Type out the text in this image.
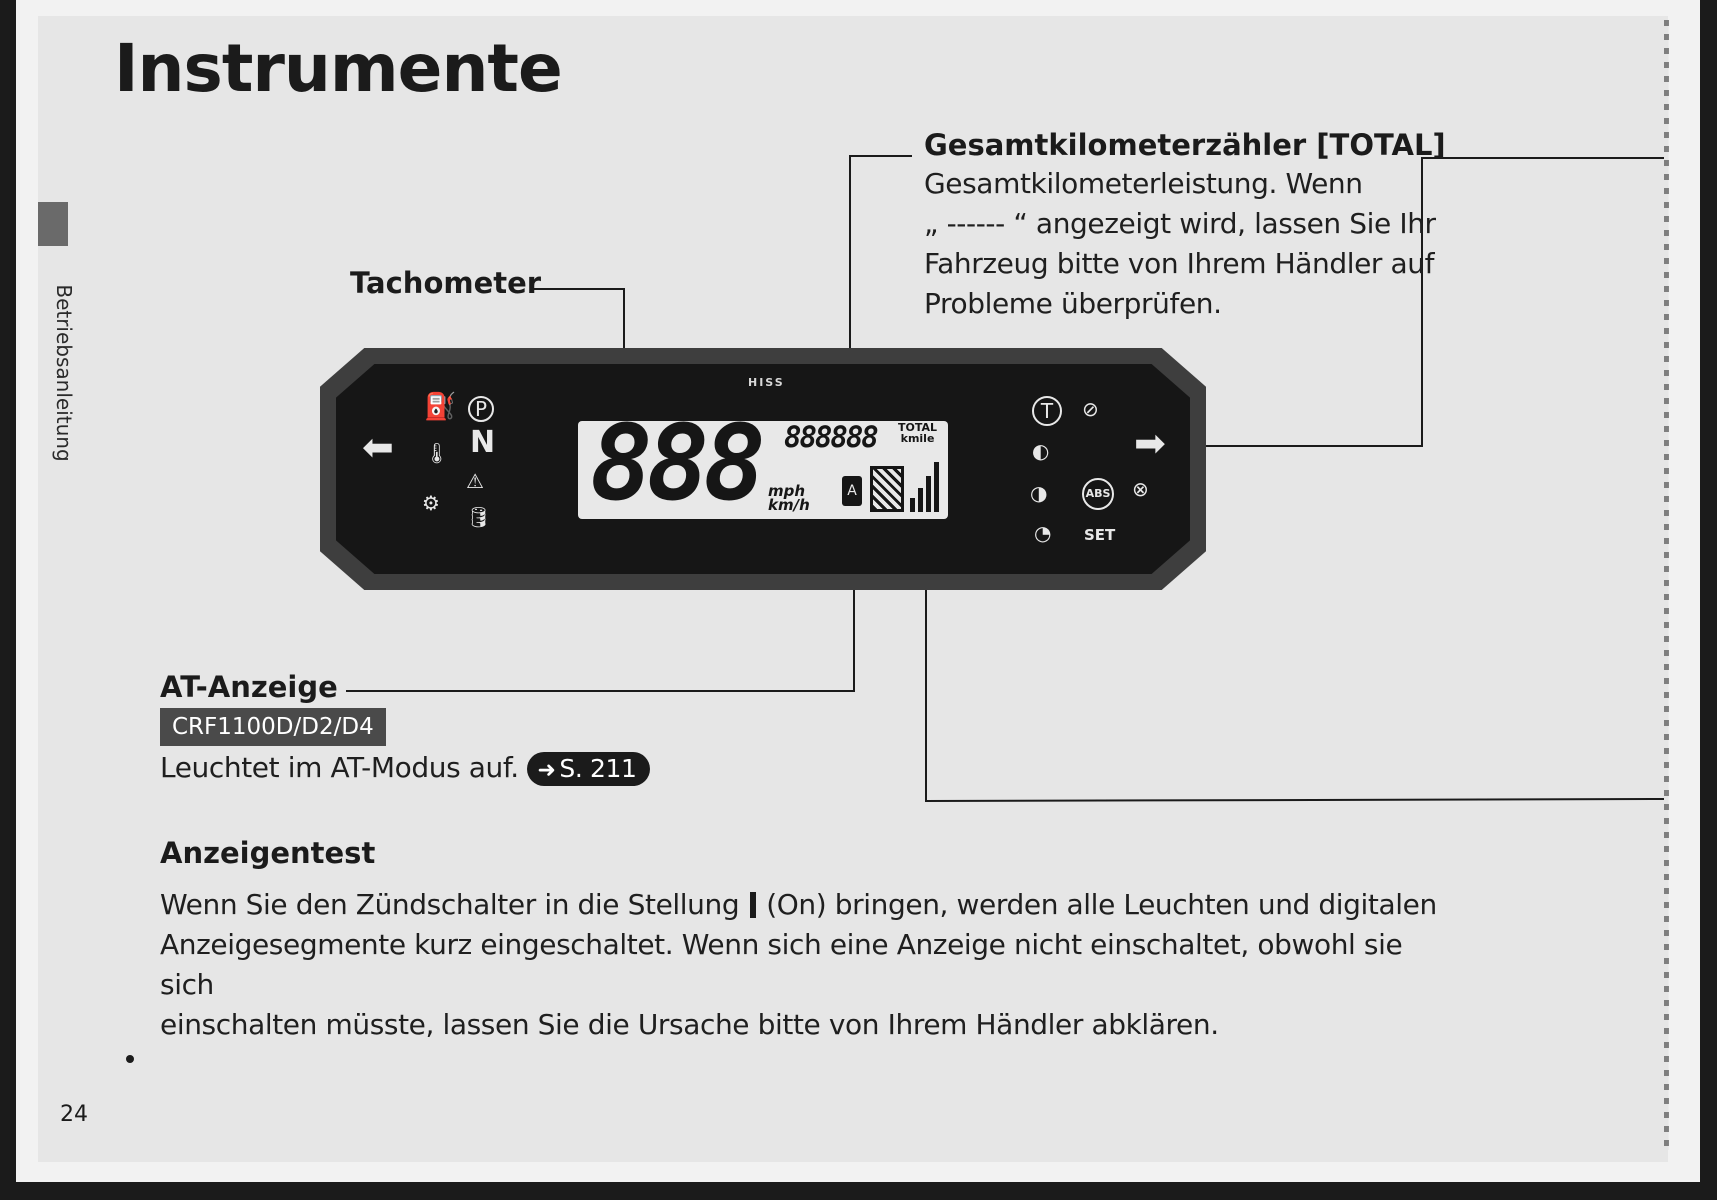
Instrumente
Betriebsanleitung
Tachometer
Gesamtkilometerzähler [TOTAL]
Gesamtkilometerleistung. Wenn
„ ------ “ angezeigt wird, lassen Sie Ihr
Fahrzeug bitte von Ihrem Händler auf
Probleme überprüfen.
AT-Anzeige
CRF1100D/D2/D4
Leuchtet im AT-Modus auf. ➜ S. 211
Anzeigentest
Wenn Sie den Zündschalter in die Stellung (On) bringen, werden alle Leuchten und digitalen
Anzeigesegmente kurz eingeschaltet. Wenn sich eine Anzeige nicht einschaltet, obwohl sie sich
einschalten müsste, lassen Sie die Ursache bitte von Ihrem Händler abklären.
24
HISS
888 888888 TOTAL
kmile
mph
km/h
A
⬅
⛽ P
🌡 N
⚠
⚙
🛢
➡
T	⊘
◐
◑	ABS ⊗
◔ SET
